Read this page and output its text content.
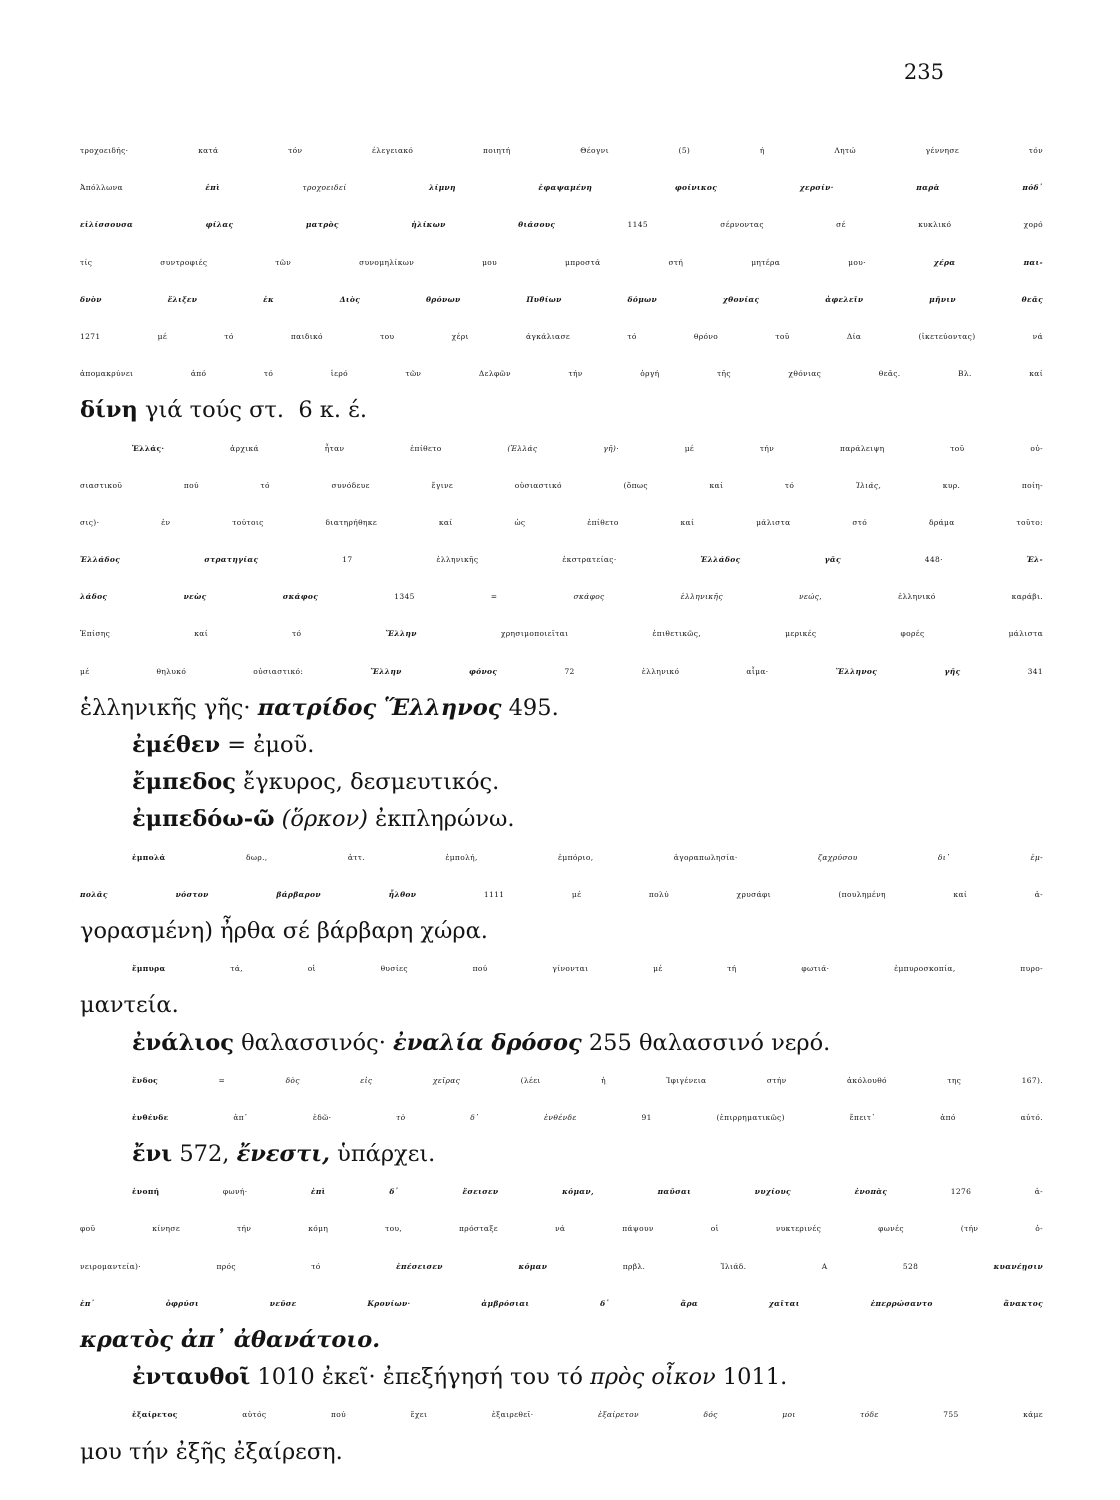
235
τροχοειδής· κατά τόν έλεγειακό ποιητή Θέογνι (5) ή Λητώ γέννησε τόν
Ἀπόλλωνα ἐπὶ	τροχοειδεί	λίμνη ἐφαψαμένη φοίνικος χερσίν· παρὰ πόδ᾽
εἰλίσσουσα φίλας ματρὸς ἡλίκων θιάσους 1145 σέρνοντας σέ κυκλικό χορό
τίς συντροφιές τῶν συνομηλίκων μου μπροστά στή μητέρα μου· χέρα παι-
δνὸν ἕλιξεν ἐκ Διὸς θρόνων Πυθίων δόμων χθονίας ἀφελεῖν μῆνιν θεᾶς
1271 μέ τό παιδικό του χέρι άγκάλιασε τό θρόνο τοῦ Δία (ἰκετεύοντας) νά
ἀπομακρύνει ἀπό τό ἱερό τῶν Δελφῶν τήν ὀργή τῆς χθόνιας θεᾶς. Βλ. καί
δίνη γιά τούς στ.  6 κ. έ.
Ἑλλάς· ἀρχικά ἦταν ἐπίθετο (Ἑλλάς γῆ)· μέ τήν παράλειψη τοῦ οὐ-
σιαστικοῦ πού τό συνόδευε ἔγινε οὐσιαστικό (ὅπως καί τό Ἰλιάς, κυρ. ποίη-
σις)· ἐν τούτοις διατηρήθηκε καί ὡς ἐπίθετο καί μάλιστα στό δράμα τοῦτο:
Ἑλλάδος στρατηγίας 17 ἑλληνικῆς ἐκστρατείας· Ἑλλάδος γᾶς 448· Ἑλ-
λάδος νεὼς σκάφος 1345 = σκάφος ἑλληνικῆς νεώς, ἑλληνικό καράβι.
Ἐπίσης καί τό Ἕλλην χρησιμοποιεῖται ἐπιθετικῶς, μερικές φορές μάλιστα
μέ θηλυκό οὐσιαστικό: Ἕλλην φόνος 72 ἑλληνικό αἷμα· Ἕλληνος γῆς 341
ἑλληνικῆς γῆς· πατρίδος Ἕλληνος 495.
ἐμέθεν = ἐμοῦ.
ἔμπεδος ἔγκυρος, δεσμευτικός.
ἐμπεδόω-ῶ (ὅρκον) ἐκπληρώνω.
ἐμπολά δωρ., ἀττ. ἐμπολή, ἐμπόριο, ἀγοραπωλησία· ζαχρύσου δι᾽ ἐμ-
πολᾶς νόστον βάρβαρον ἦλθον 1111 μέ πολύ χρυσάφι (πουλημένη καί ἀ-
γορασμένη) ἦρθα σέ βάρβαρη χώρα.
ἔμπυρα τά, οἱ θυσίες πού γίνονται μέ τή φωτιά· ἐμπυροσκοπία, πυρο-
μαντεία.
ἐνάλιος θαλασσινός· ἐναλία δρόσος 255 θαλασσινό νερό.
ἔνδος = δὸς εἰς χεῖρας (λέει ἡ Ἰφιγένεια στήν ἀκόλουθό της 167).
ἐνθένδε ἀπ᾽ ἐδῶ· τὸ δ᾽ ἐνθένδε 91 (ἐπιρρηματικῶς) ἔπειτ᾽ ἀπό αὐτό.
ἔνι 572, ἔνεστι, ὑπάρχει.
ἐνοπή φωνή· ἐπὶ δ᾽ ἔσεισεν κόμαν, παῦσαι νυχίους ἐνοπὰς 1276 ἀ-
φοῦ κίνησε τήν κόμη του, πρόσταξε νά πάψουν οἱ νυκτερινές φωνές (τήν ὀ-
νειρομαντεία)· πρός τό ἐπέσεισεν κόμαν πρβλ. Ἰλιάδ. Α 528 κυανέῃσιν
ἐπ᾽ ὀφρύσι νεῦσε Κρονίων· ἀμβρόσιαι δ᾽ ἄρα χαῖται ἐπερρώσαντο ἄνακτος
κρατὸς ἀπ᾽ ἀθανάτοιο.
ἐνταυθοῖ 1010 ἐκεῖ· ἐπεξήγησή του τό πρὸς οἶκον 1011.
ἐξαίρετος αὐτός πού ἔχει ἐξαιρεθεῖ· ἐξαίρετον δός μοι τόδε 755 κάμε
μου τήν ἐξῆς ἐξαίρεση.
